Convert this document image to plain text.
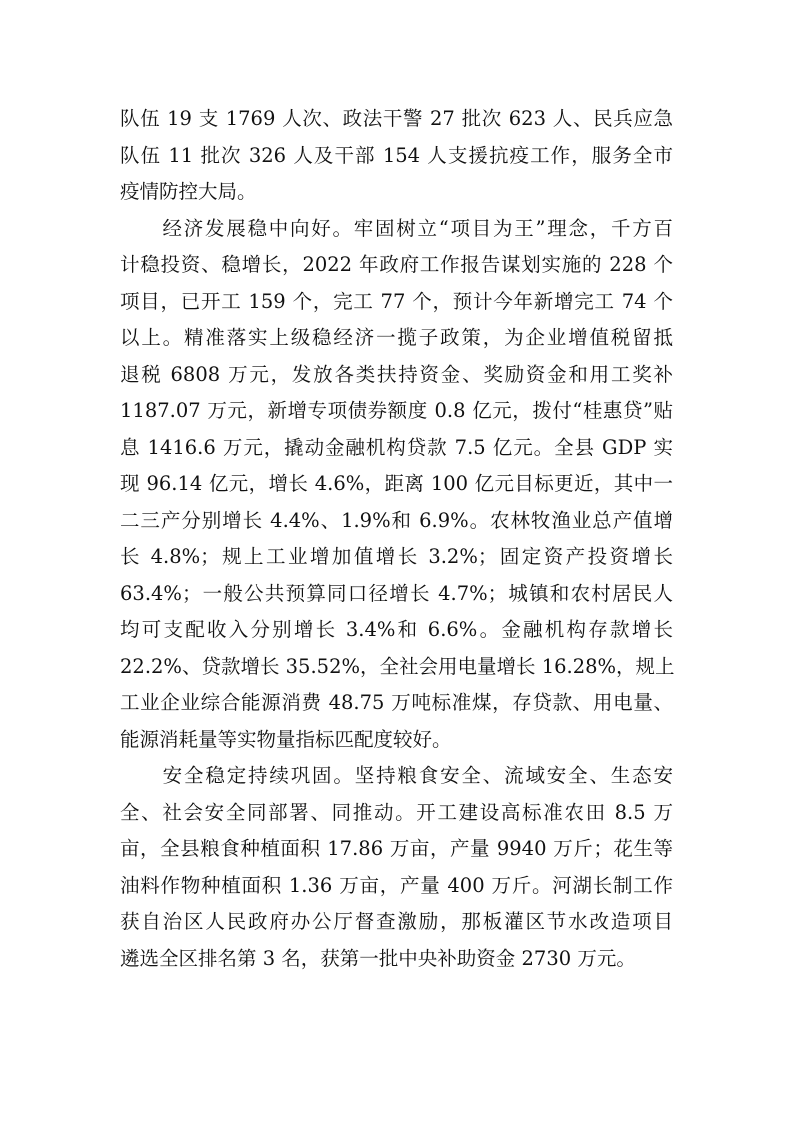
队伍 19 支 1769 人次、政法干警 27 批次 623 人、民兵应急
队伍 11 批次 326 人及干部 154 人支援抗疫工作，服务全市
疫情防控大局。
　　经济发展稳中向好。牢固树立“项目为王”理念，千方百
计稳投资、稳增长，2022 年政府工作报告谋划实施的 228 个
项目，已开工 159 个，完工 77 个，预计今年新增完工 74 个
以上。精准落实上级稳经济一揽子政策，为企业增值税留抵
退税 6808 万元，发放各类扶持资金、奖励资金和用工奖补
1187.07 万元，新增专项债券额度 0.8 亿元，拨付“桂惠贷”贴
息 1416.6 万元，撬动金融机构贷款 7.5 亿元。全县 GDP 实
现 96.14 亿元，增长 4.6%，距离 100 亿元目标更近，其中一
二三产分别增长 4.4%、1.9%和 6.9%。农林牧渔业总产值增
长 4.8%；规上工业增加值增长 3.2%；固定资产投资增长
63.4%；一般公共预算同口径增长 4.7%；城镇和农村居民人
均可支配收入分别增长 3.4%和 6.6%。金融机构存款增长
22.2%、贷款增长 35.52%，全社会用电量增长 16.28%，规上
工业企业综合能源消费 48.75 万吨标准煤，存贷款、用电量、
能源消耗量等实物量指标匹配度较好。
　　安全稳定持续巩固。坚持粮食安全、流域安全、生态安
全、社会安全同部署、同推动。开工建设高标准农田 8.5 万
亩，全县粮食种植面积 17.86 万亩，产量 9940 万斤；花生等
油料作物种植面积 1.36 万亩，产量 400 万斤。河湖长制工作
获自治区人民政府办公厅督查激励，那板灌区节水改造项目
遴选全区排名第 3 名，获第一批中央补助资金 2730 万元。
